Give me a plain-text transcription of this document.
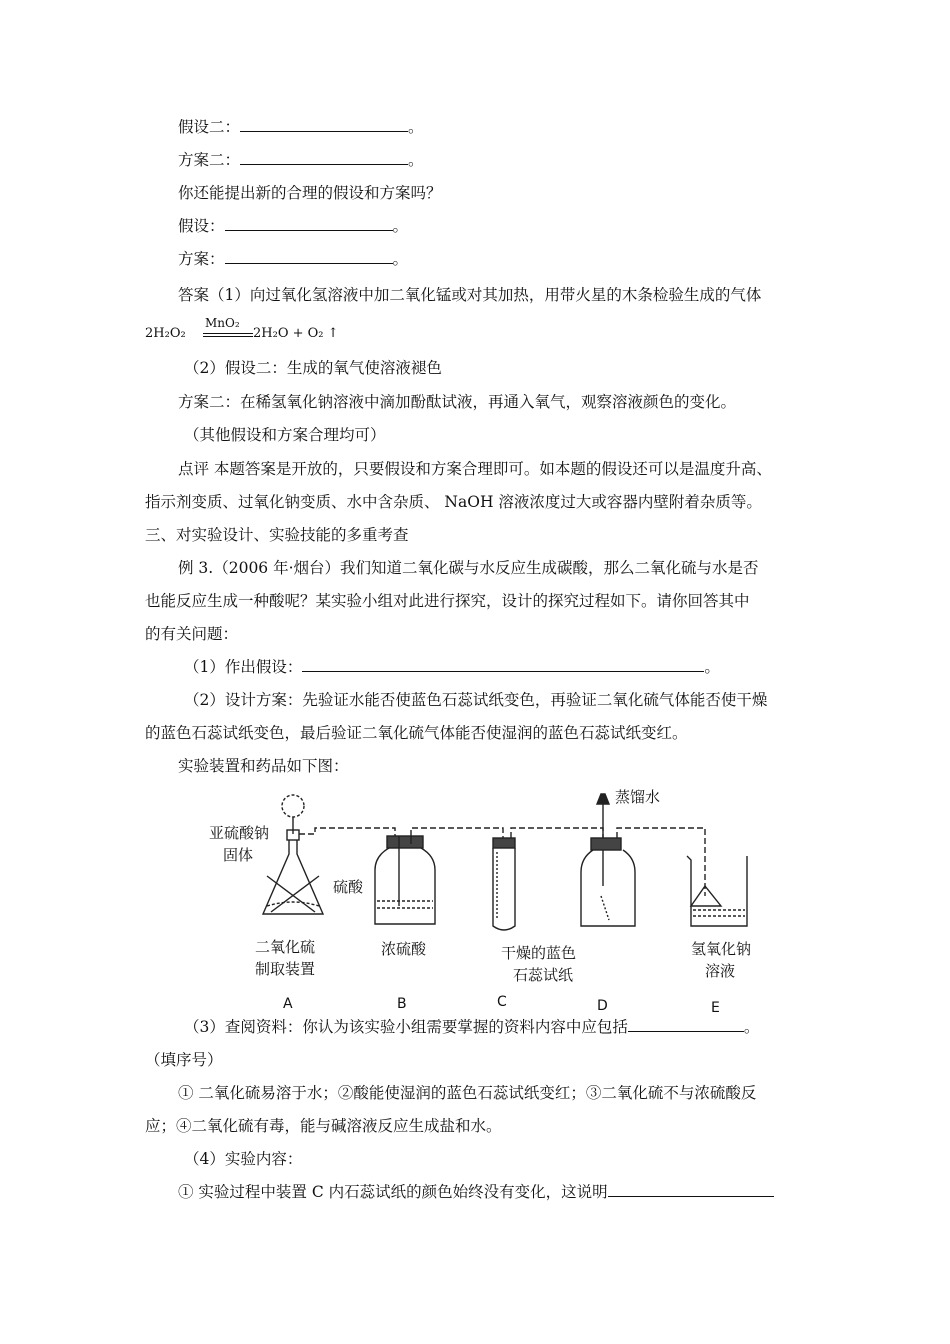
假设二：	。
方案二：	。
你还能提出新的合理的假设和方案吗？
假设：	。
方案：	。
答案（1）向过氧化氢溶液中加二氧化锰或对其加热，用带火星的木条检验生成的气体
2H₂O₂
MnO₂
2H₂O + O₂ ↑
（2）假设二：生成的氧气使溶液褪色
方案二：在稀氢氧化钠溶液中滴加酚酞试液，再通入氧气，观察溶液颜色的变化。
（其他假设和方案合理均可）
点评 本题答案是开放的，只要假设和方案合理即可。如本题的假设还可以是温度升高、
指示剂变质、过氧化钠变质、水中含杂质、 NaOH 溶液浓度过大或容器内壁附着杂质等。
三、对实验设计、实验技能的多重考查
例 3.（2006 年·烟台）我们知道二氧化碳与水反应生成碳酸，那么二氧化硫与水是否
也能反应生成一种酸呢？某实验小组对此进行探究，设计的探究过程如下。请你回答其中
的有关问题：
（1）作出假设：	。
（2）设计方案：先验证水能否使蓝色石蕊试纸变色，再验证二氧化硫气体能否使干燥
的蓝色石蕊试纸变色，最后验证二氧化硫气体能否使湿润的蓝色石蕊试纸变红。
实验装置和药品如下图：
亚硫酸钠
固体
硫酸
二氧化硫
制取装置
浓硫酸	干燥的蓝色
石蕊试纸
蒸馏水
氢氧化钠
溶液
A	B	C	D	E
（3）查阅资料：你认为该实验小组需要掌握的资料内容中应包括	。
（填序号）
① 二氧化硫易溶于水；②酸能使湿润的蓝色石蕊试纸变红；③二氧化硫不与浓硫酸反
应；④二氧化硫有毒，能与碱溶液反应生成盐和水。
（4）实验内容：
① 实验过程中装置 C 内石蕊试纸的颜色始终没有变化，这说明
